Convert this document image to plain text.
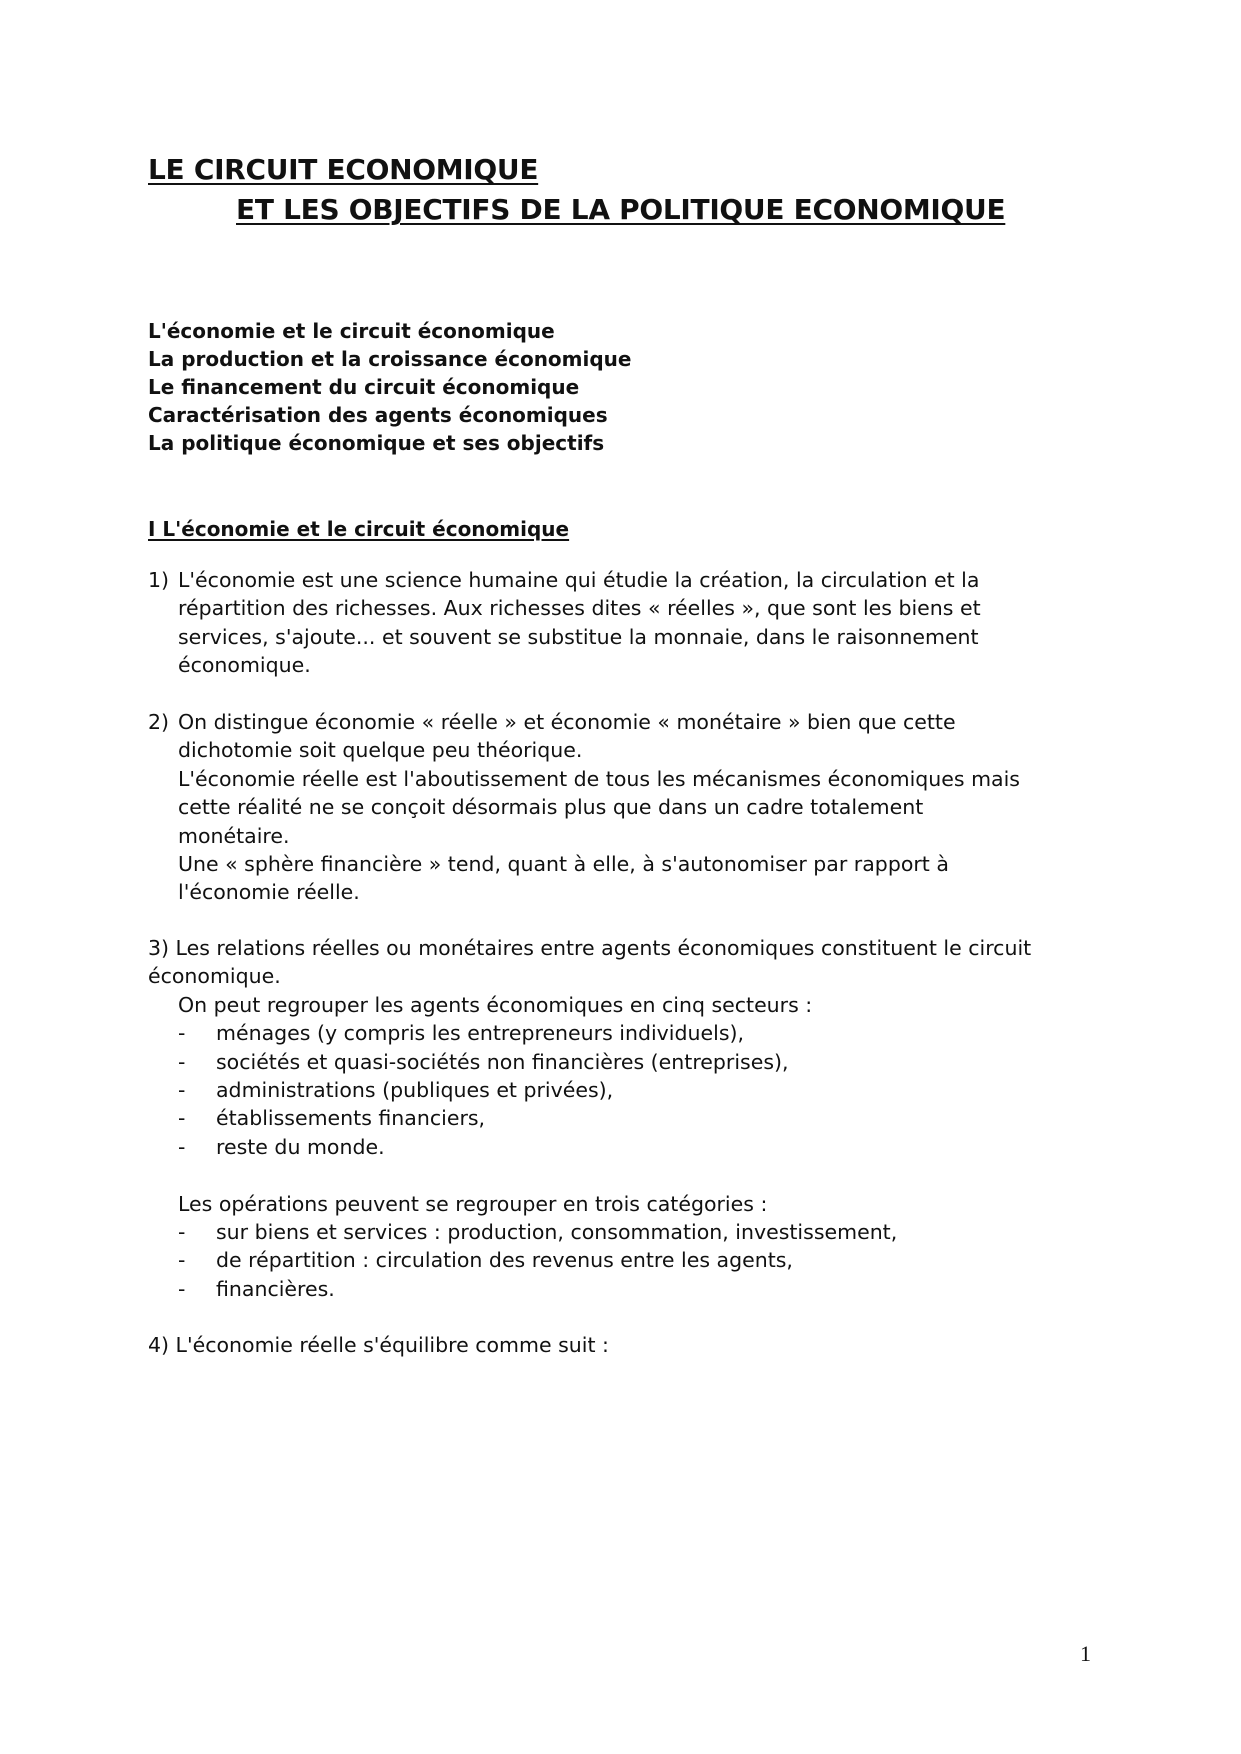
LE CIRCUIT ECONOMIQUE
ET LES OBJECTIFS DE LA POLITIQUE ECONOMIQUE
L'économie et le circuit économique
La production et la croissance économique
Le financement du circuit économique
Caractérisation des agents économiques
La politique économique et ses objectifs
I L'économie et le circuit économique
1) L'économie est une science humaine qui étudie la création, la circulation et la
répartition des richesses. Aux richesses dites « réelles », que sont les biens et
services, s'ajoute... et souvent se substitue la monnaie, dans le raisonnement
économique.
2) On distingue économie « réelle » et économie « monétaire » bien que cette
dichotomie soit quelque peu théorique.
L'économie réelle est l'aboutissement de tous les mécanismes économiques mais
cette réalité ne se conçoit désormais plus que dans un cadre totalement
monétaire.
Une « sphère financière » tend, quant à elle, à s'autonomiser par rapport à
l'économie réelle.
3) Les relations réelles ou monétaires entre agents économiques constituent le circuit
économique.
On peut regrouper les agents économiques en cinq secteurs :
-	ménages (y compris les entrepreneurs individuels),
-	sociétés et quasi-sociétés non financières (entreprises),
-	administrations (publiques et privées),
-	établissements financiers,
-	reste du monde.
Les opérations peuvent se regrouper en trois catégories :
-	sur biens et services : production, consommation, investissement,
-	de répartition : circulation des revenus entre les agents,
-	financières.
4) L'économie réelle s'équilibre comme suit :
1
